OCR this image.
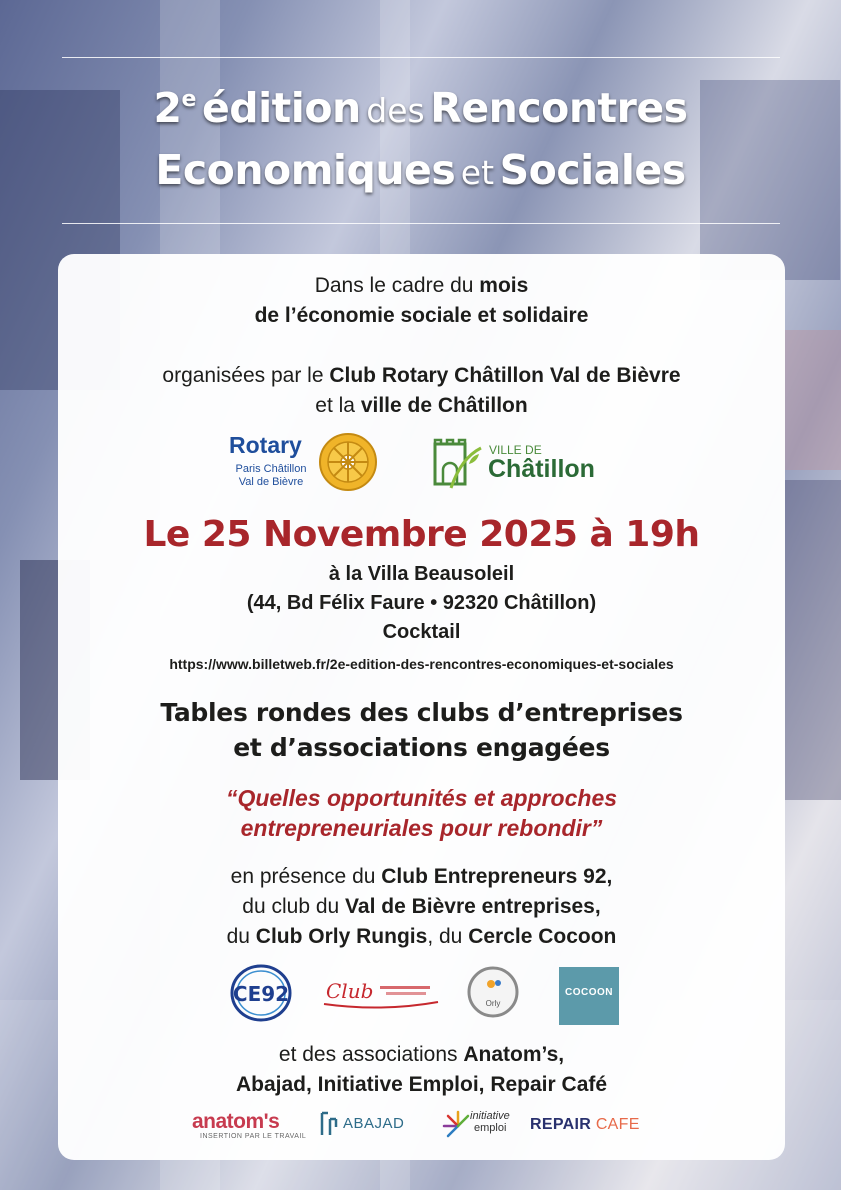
2e édition des Rencontres
Economiques et Sociales
Dans le cadre du mois
de l’économie sociale et solidaire
organisées par le Club Rotary Châtillon Val de Bièvre
et la ville de Châtillon
Rotary
Paris Châtillon
Val de Bièvre
VILLE DE
Châtillon
Le 25 Novembre 2025 à 19h
à la Villa Beausoleil
(44, Bd Félix Faure • 92320 Châtillon)
Cocktail
https://www.billetweb.fr/2e-edition-des-rencontres-economiques-et-sociales
Tables rondes des clubs d’entreprises
et d’associations engagées
“Quelles opportunités et approches
entrepreneuriales pour rebondir”
en présence du Club Entrepreneurs 92,
du club du Val de Bièvre entreprises,
du Club Orly Rungis, du Cercle Cocoon
CE92 Club
Orly
COCOON
et des associations Anatom’s,
Abajad, Initiative Emploi, Repair Café
anatom's
INSERTION PAR LE TRAVAIL
ABAJAD	initiative
emploi REPAIR CAFE
